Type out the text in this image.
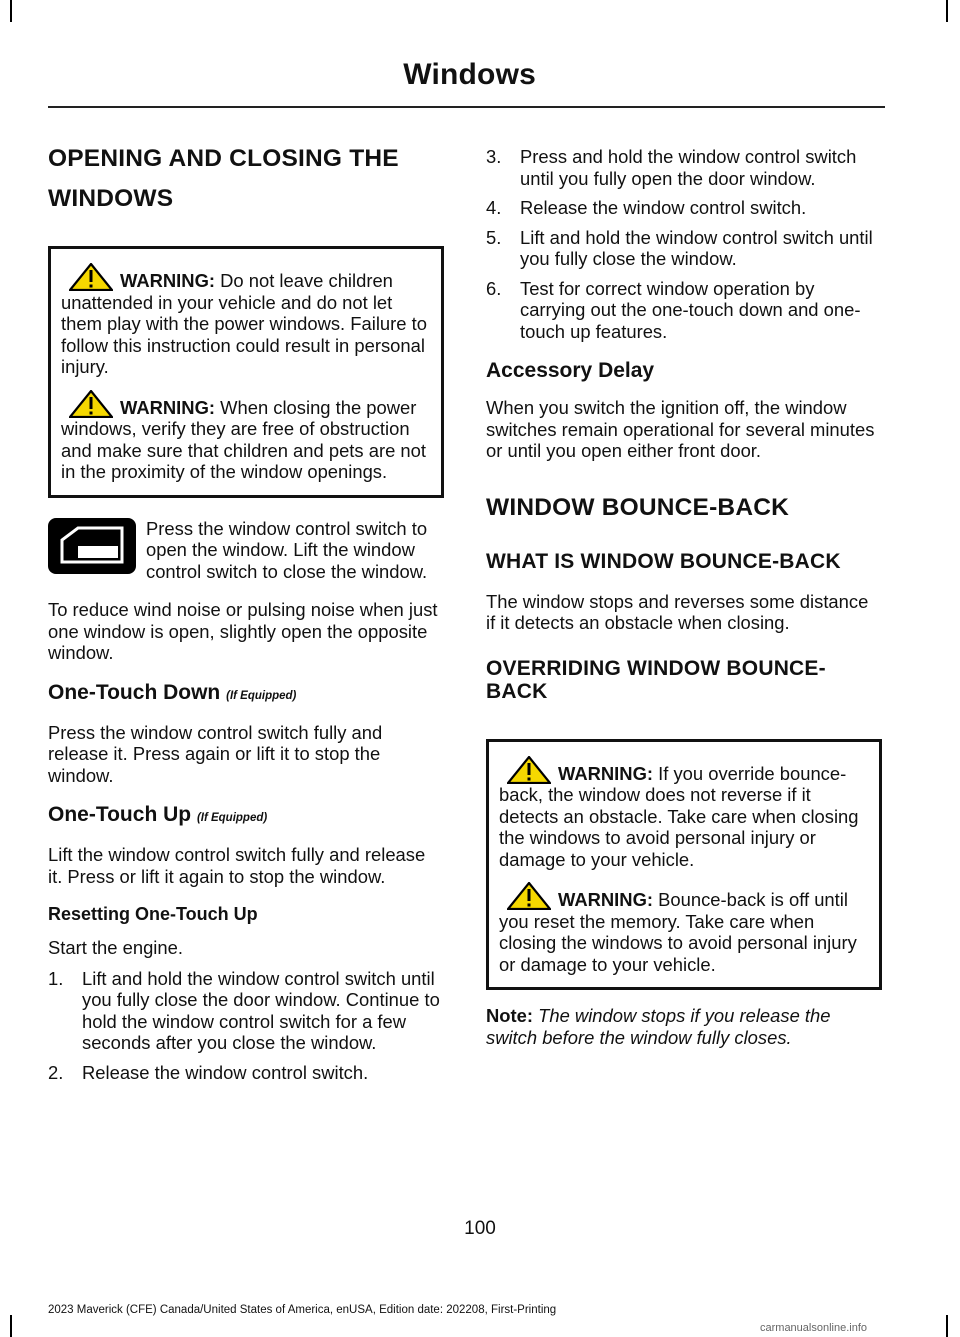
Windows
OPENING AND CLOSING THE
WINDOWS

WARNING: Do not leave children unattended in your vehicle and do not let them play with the power windows. Failure to follow this instruction could result in personal injury.

WARNING: When closing the power windows, verify they are free of obstruction and make sure that children and pets are not in the proximity of the window openings.

Press the window control switch to open the window. Lift the window control switch to close the window.

To reduce wind noise or pulsing noise when just one window is open, slightly open the opposite window.

One-Touch Down (If Equipped)

Press the window control switch fully and release it. Press again or lift it to stop the window.

One-Touch Up (If Equipped)

Lift the window control switch fully and release it. Press or lift it again to stop the window.

Resetting One-Touch Up

Start the engine.

1.	Lift and hold the window control switch until you fully close the door window. Continue to hold the window control switch for a few seconds after you close the window.
2.	Release the window control switch.
3.	Press and hold the window control switch until you fully open the door window.
4.	Release the window control switch.
5.	Lift and hold the window control switch until you fully close the window.
6.	Test for correct window operation by carrying out the one-touch down and one-touch up features.
Accessory Delay

When you switch the ignition off, the window switches remain operational for several minutes or until you open either front door.

WINDOW BOUNCE-BACK
WHAT IS WINDOW BOUNCE-BACK

The window stops and reverses some distance if it detects an obstacle when closing.

OVERRIDING WINDOW BOUNCE-BACK

WARNING: If you override bounce-back, the window does not reverse if it detects an obstacle. Take care when closing the windows to avoid personal injury or damage to your vehicle.

WARNING: Bounce-back is off until you reset the memory. Take care when closing the windows to avoid personal injury or damage to your vehicle.

Note: The window stops if you release the switch before the window fully closes.

100
2023 Maverick (CFE) Canada/United States of America, enUSA, Edition date: 202208, First-Printing
carmanualsonline.info
